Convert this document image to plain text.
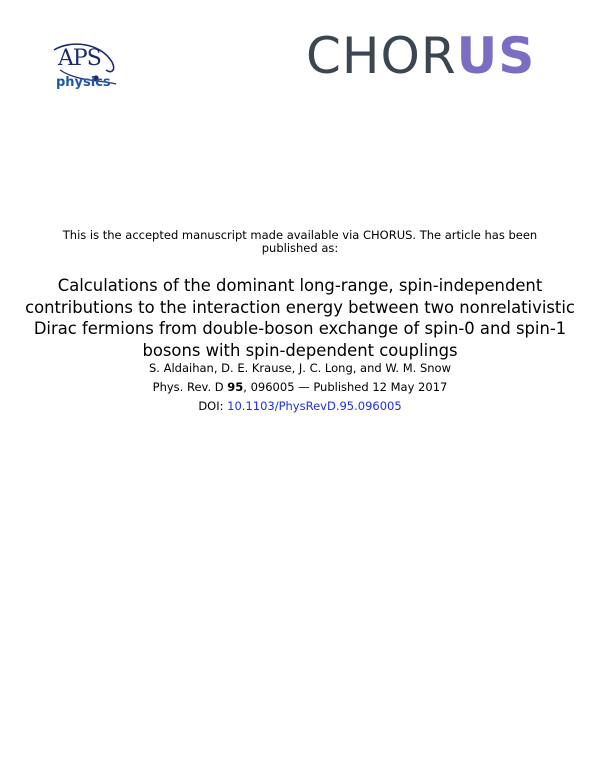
APS
physics	CHORUS
This is the accepted manuscript made available via CHORUS. The article has been published as:
Calculations of the dominant long-range, spin-independent contributions to the interaction energy between two nonrelativistic Dirac fermions from double-boson exchange of spin-0 and spin-1 bosons with spin-dependent couplings
S. Aldaihan, D. E. Krause, J. C. Long, and W. M. Snow
Phys. Rev. D 95, 096005 — Published 12 May 2017
DOI: 10.1103/PhysRevD.95.096005
